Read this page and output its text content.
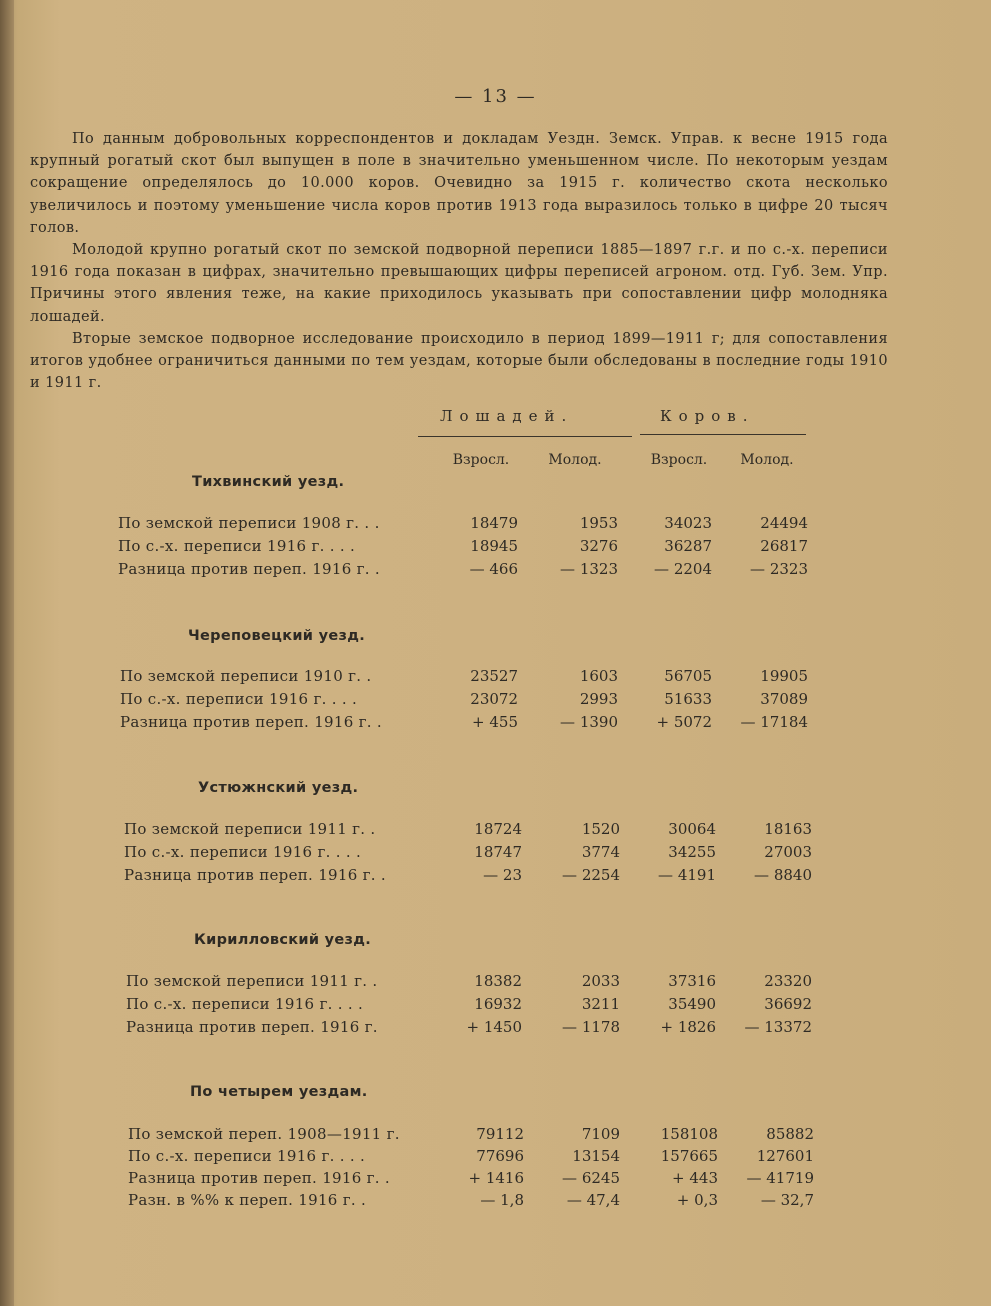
— 13 —

По данным добровольных корреспондентов и докладам Уездн. Земск. Управ. к весне 1915 года крупный рогатый скот был выпущен в поле в значительно уменьшенном числе. По некоторым уездам сокращение определялось до 10.000 коров. Очевидно за 1915 г. количество скота несколько увеличилось и поэтому уменьшение числа коров против 1913 года выразилось только в цифре 20 тысяч голов.

Молодой крупно рогатый скот по земской подворной переписи 1885—1897 г.г. и по с.-х. переписи 1916 года показан в цифрах, значительно превышающих цифры переписей агроном. отд. Губ. Зем. Упр. Причины этого явления теже, на какие приходилось указывать при сопоставлении цифр молодняка лошадей.

Вторые земское подворное исследование происходило в период 1899—1911 г; для сопоставления итогов удобнее ограничиться данными по тем уездам, которые были обследованы в последние годы 1910 и 1911 г.

Лошадей.	Коров.
Взросл.	Молод.	Взросл.	Молод.
Тихвинский уезд.
По земской переписи 1908 г. . .	18479	1953	34023	24494
По с.-х. переписи 1916 г. . . .	18945	3276	36287	26817
Разница против переп. 1916 г. .	— 466	— 1323	— 2204	— 2323
Череповецкий уезд.
По земской переписи 1910 г. .	23527	1603	56705	19905
По с.-х. переписи 1916 г. . . .	23072	2993	51633	37089
Разница против переп. 1916 г. .	+ 455	— 1390	+ 5072	— 17184
Устюжнский уезд.
По земской переписи 1911 г. .	18724	1520	30064	18163
По с.-х. переписи 1916 г. . . .	18747	3774	34255	27003
Разница против переп. 1916 г. .	— 23	— 2254	— 4191	— 8840
Кирилловский уезд.
По земской переписи 1911 г. .	18382	2033	37316	23320
По с.-х. переписи 1916 г. . . .	16932	3211	35490	36692
Разница против переп. 1916 г.	+ 1450	— 1178	+ 1826	— 13372
По четырем уездам.
По земской переп. 1908—1911 г.	79112	7109	158108	85882
По с.-х. переписи 1916 г. . . .	77696	13154	157665	127601
Разница против переп. 1916 г. .	+ 1416	— 6245	+ 443	— 41719
Разн. в %% к переп. 1916 г. .	— 1,8	— 47,4	+ 0,3	— 32,7
